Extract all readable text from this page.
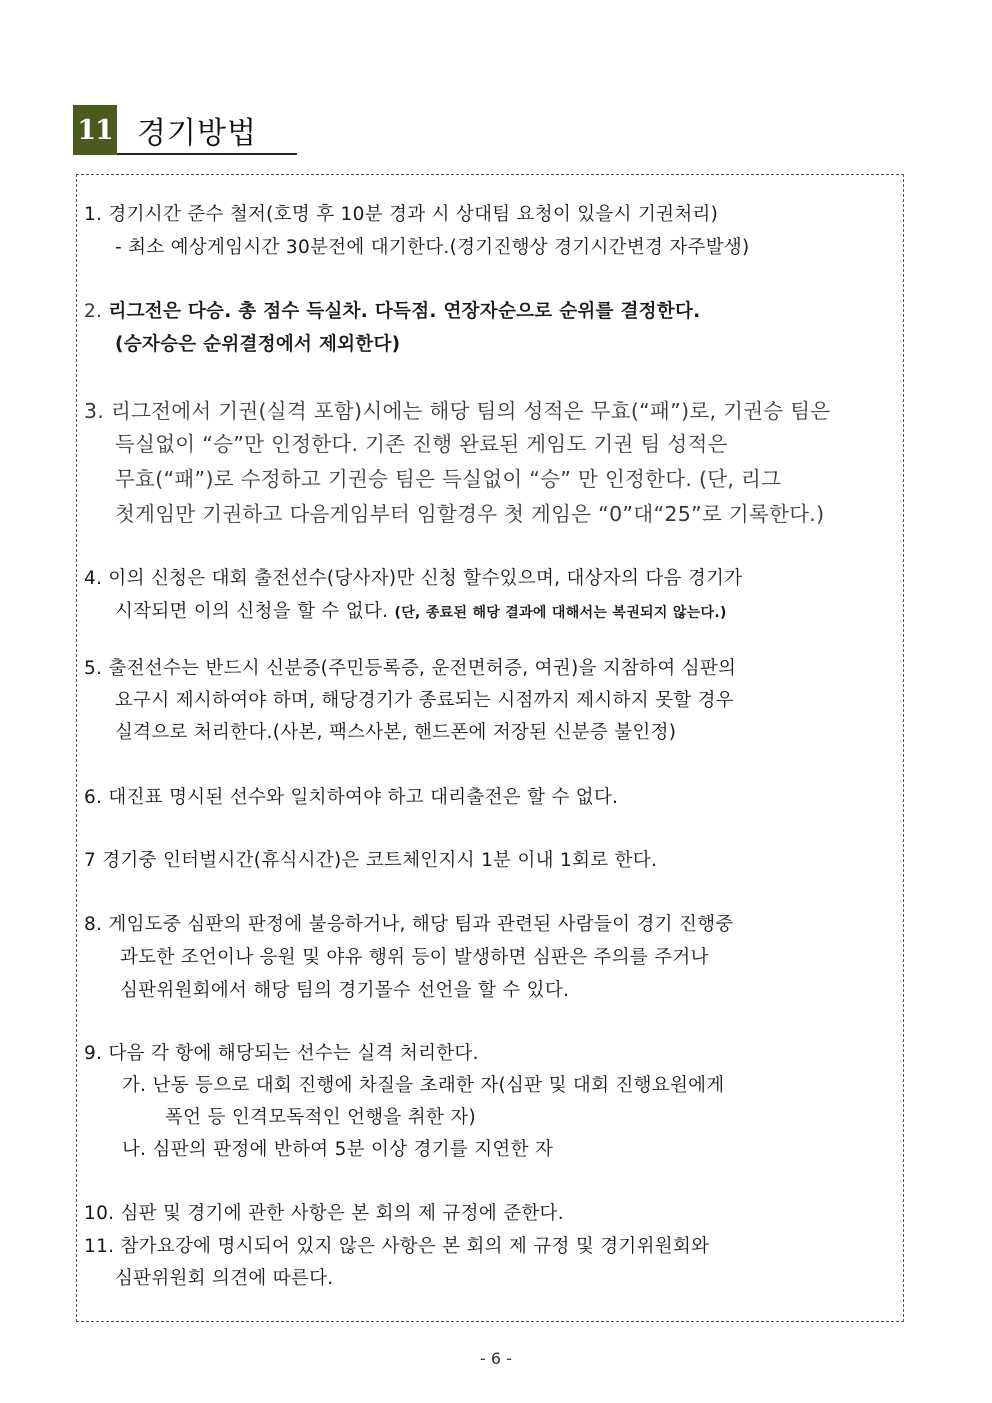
11 경기방법
1. 경기시간 준수 철저(호명 후 10분 경과 시 상대팀 요청이 있을시 기권처리)
- 최소 예상게임시간 30분전에 대기한다.(경기진행상 경기시간변경 자주발생)
2. 리그전은 다승. 총 점수 득실차. 다득점. 연장자순으로 순위를 결정한다.
(승자승은 순위결정에서 제외한다)
3. 리그전에서 기권(실격 포함)시에는 해당 팀의 성적은 무효(“패”)로, 기권승 팀은
득실없이 “승”만 인정한다. 기존 진행 완료된 게임도 기권 팀 성적은
무효(“패”)로 수정하고 기권승 팀은 득실없이 “승” 만 인정한다. (단, 리그
첫게임만 기권하고 다음게임부터 임할경우 첫 게임은 “0”대“25”로 기록한다.)
4. 이의 신청은 대회 출전선수(당사자)만 신청 할수있으며, 대상자의 다음 경기가
시작되면 이의 신청을 할 수 없다. (단, 종료된 해당 결과에 대해서는 복권되지 않는다.)
5. 출전선수는 반드시 신분증(주민등록증, 운전면허증, 여권)을 지참하여 심판의
요구시 제시하여야 하며, 해당경기가 종료되는 시점까지 제시하지 못할 경우
실격으로 처리한다.(사본, 팩스사본, 핸드폰에 저장된 신분증 불인정)
6. 대진표 명시된 선수와 일치하여야 하고 대리출전은 할 수 없다.
7 경기중 인터벌시간(휴식시간)은 코트체인지시 1분 이내 1회로 한다.
8. 게임도중 심판의 판정에 불응하거나, 해당 팀과 관련된 사람들이 경기 진행중
과도한 조언이나 응원 및 야유 행위 등이 발생하면 심판은 주의를 주거나
심판위원회에서 해당 팀의 경기몰수 선언을 할 수 있다.
9. 다음 각 항에 해당되는 선수는 실격 처리한다.
가. 난동 등으로 대회 진행에 차질을 초래한 자(심판 및 대회 진행요원에게
폭언 등 인격모독적인 언행을 취한 자)
나. 심판의 판정에 반하여 5분 이상 경기를 지연한 자
10. 심판 및 경기에 관한 사항은 본 회의 제 규정에 준한다.
11. 참가요강에 명시되어 있지 않은 사항은 본 회의 제 규정 및 경기위원회와
심판위원회 의견에 따른다.
- 6 -
